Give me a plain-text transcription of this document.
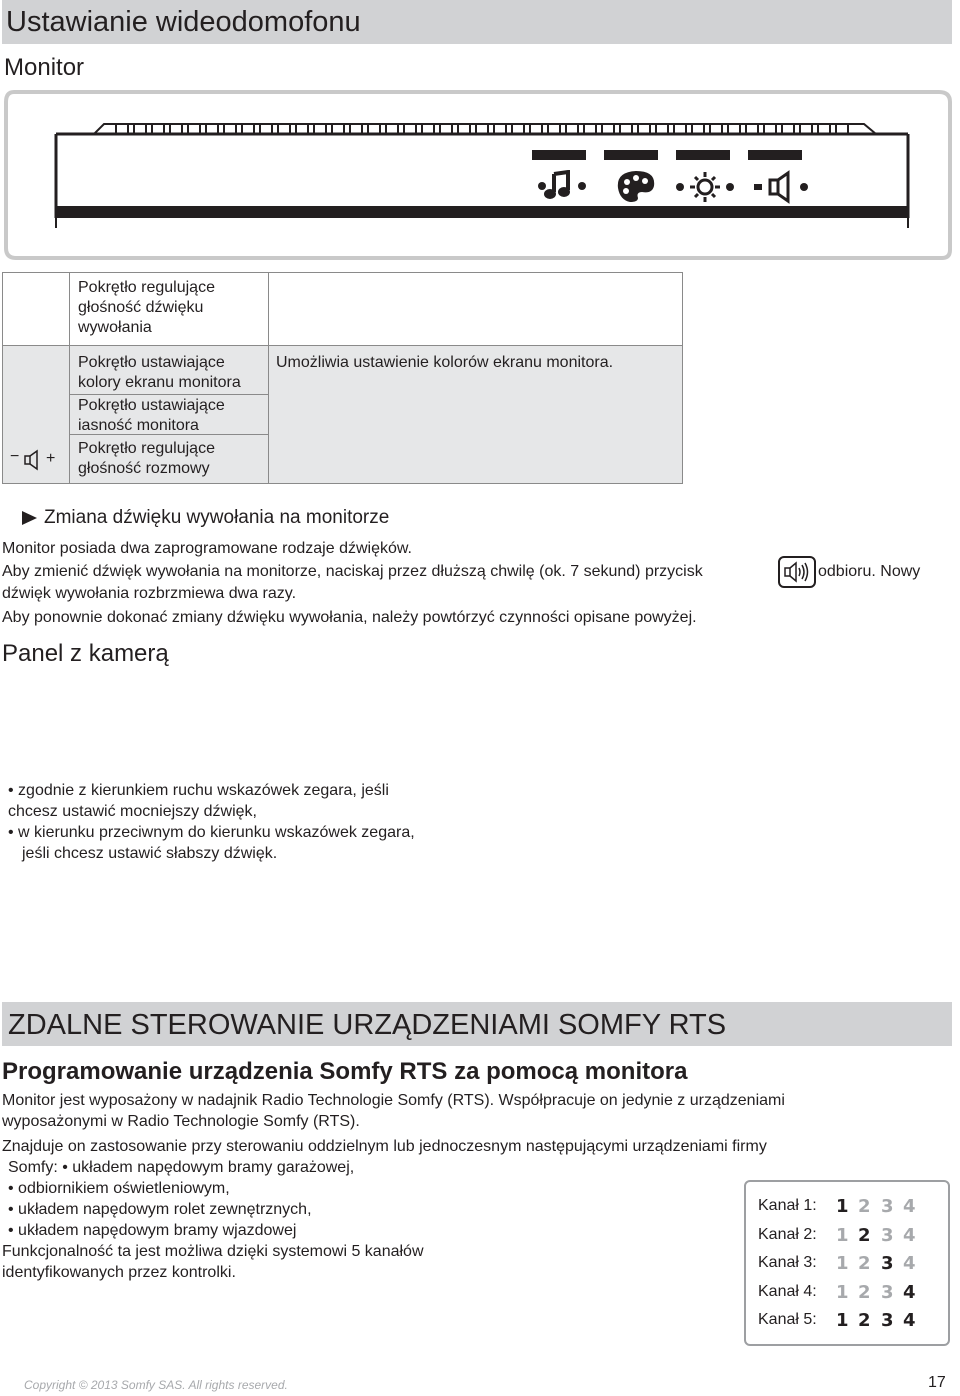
Ustawianie wideodomofonu
Monitor
Pokrętło regulujące
głośność dźwięku
wywołania
Pokrętło ustawiające
kolory ekranu monitora
Pokrętło ustawiające
iasność monitora
Pokrętło regulujące
głośność rozmowy
Umożliwia ustawienie kolorów ekranu monitora.
− +
Zmiana dźwięku wywołania na monitorze
Monitor posiada dwa zaprogramowane rodzaje dźwięków.
Aby zmienić dźwięk wywołania na monitorze, naciskaj przez dłuższą chwilę (ok. 7 sekund) przycisk	odbioru. Nowy
dźwięk wywołania rozbrzmiewa dwa razy.
Aby ponownie dokonać zmiany dźwięku wywołania, należy powtórzyć czynności opisane powyżej.
Panel z kamerą
• zgodnie z kierunkiem ruchu wskazówek zegara, jeśli
chcesz ustawić mocniejszy dźwięk,
• w kierunku przeciwnym do kierunku wskazówek zegara,
jeśli chcesz ustawić słabszy dźwięk.
ZDALNE STEROWANIE URZĄDZENIAMI SOMFY RTS
Programowanie urządzenia Somfy RTS za pomocą monitora
Monitor jest wyposażony w nadajnik Radio Technologie Somfy (RTS). Współpracuje on jedynie z urządzeniami
wyposażonymi w Radio Technologie Somfy (RTS).
Znajduje on zastosowanie przy sterowaniu oddzielnym lub jednoczesnym następującymi urządzeniami firmy
Somfy: • układem napędowym bramy garażowej,
• odbiornikiem oświetleniowym,
• układem napędowym rolet zewnętrznych,
• układem napędowym bramy wjazdowej
Funkcjonalność ta jest możliwa dzięki systemowi 5 kanałów
identyfikowanych przez kontrolki.
Kanał 1: 1 2 3 4
Kanał 2: 1 2 3 4
Kanał 3: 1 2 3 4
Kanał 4: 1 2 3 4
Kanał 5: 1 2 3 4
Copyright © 2013 Somfy SAS. All rights reserved.	17
